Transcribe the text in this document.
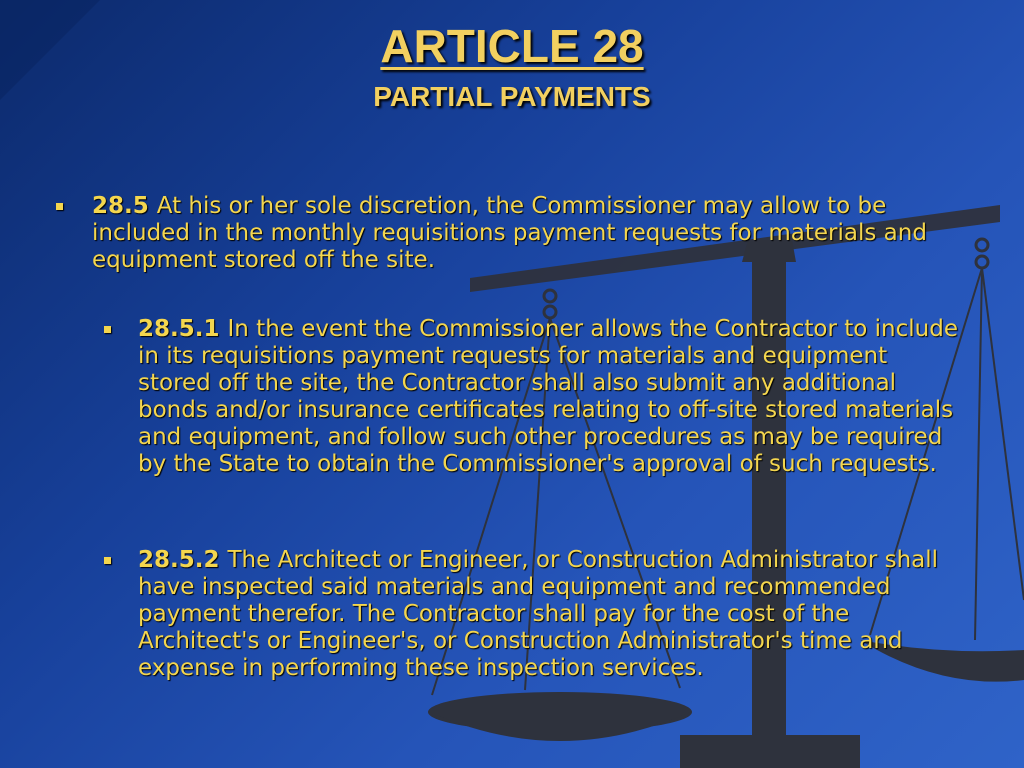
ARTICLE 28
PARTIAL PAYMENTS
28.5 At his or her sole discretion, the Commissioner may allow to be included in the monthly requisitions payment requests for materials and equipment stored off the site.
28.5.1 In the event the Commissioner allows the Contractor to include in its requisitions payment requests for materials and equipment stored off the site, the Contractor shall also submit any additional bonds and/or insurance certificates relating to off-site stored materials and equipment, and follow such other procedures as may be required by the State to obtain the Commissioner's approval of such requests.
28.5.2 The Architect or Engineer, or Construction Administrator shall have inspected said materials and equipment and recommended payment therefor. The Contractor shall pay for the cost of the Architect's or Engineer's, or Construction Administrator's time and expense in performing these inspection services.
